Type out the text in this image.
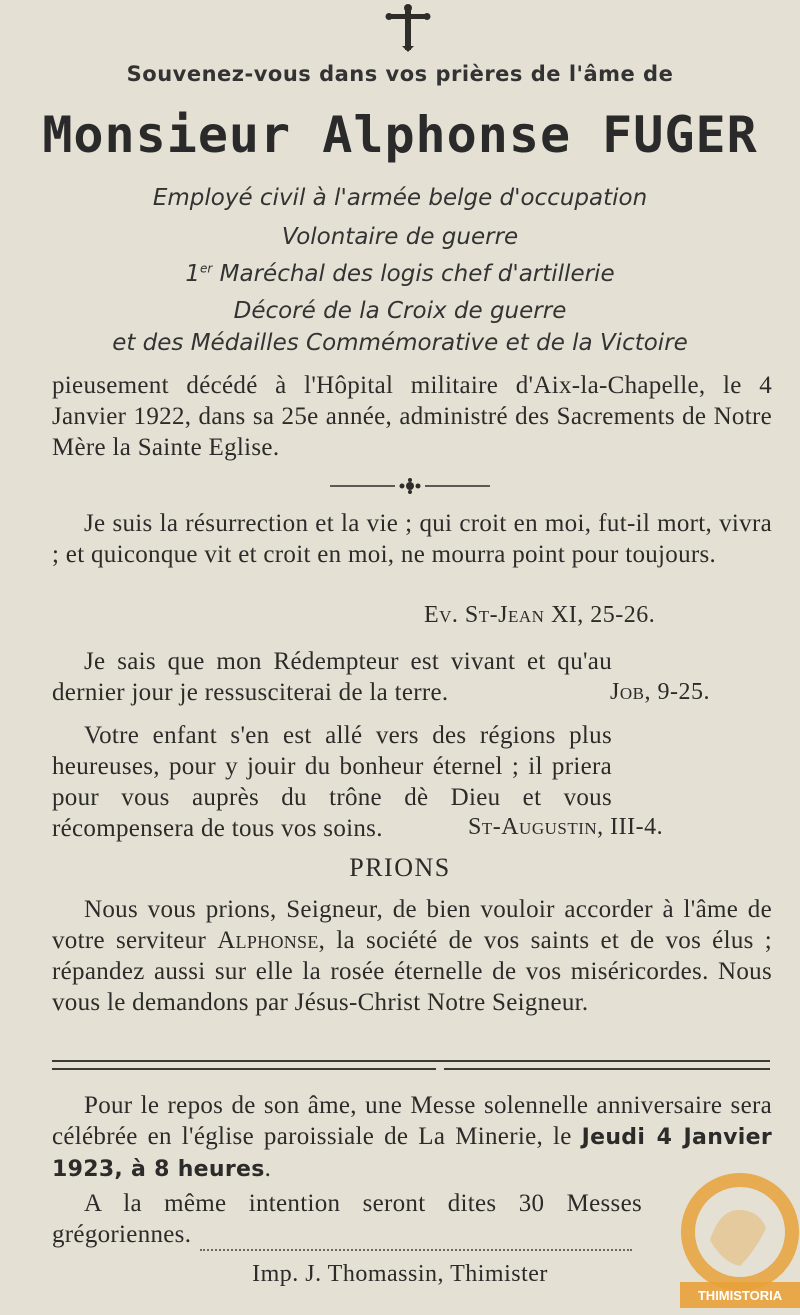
Souvenez-vous dans vos prières de l'âme de
Monsieur Alphonse FUGER
Employé civil à l'armée belge d'occupation
Volontaire de guerre
1er Maréchal des logis chef d'artillerie
Décoré de la Croix de guerre
et des Médailles Commémorative et de la Victoire
pieusement décédé à l'Hôpital militaire d'Aix-la-Chapelle, le 4 Janvier 1922, dans sa 25e année, administré des Sacrements de Notre Mère la Sainte Eglise.
Je suis la résurrection et la vie ; qui croit en moi, fut-il mort, vivra ; et quiconque vit et croit en moi, ne mourra point pour toujours.
Ev. St-Jean XI, 25-26.
Je sais que mon Rédempteur est vivant et qu'au dernier jour je ressusciterai de la terre.	Job, 9-25.
Votre enfant s'en est allé vers des régions plus heureuses, pour y jouir du bonheur éternel ; il priera pour vous auprès du trône dè Dieu et vous récompensera de tous vos soins.	St-Augustin, III-4.
PRIONS
Nous vous prions, Seigneur, de bien vouloir accorder à l'âme de votre serviteur Alphonse, la société de vos saints et de vos élus ; répandez aussi sur elle la rosée éternelle de vos miséricordes. Nous vous le demandons par Jésus-Christ Notre Seigneur.
Pour le repos de son âme, une Messe solennelle anniversaire sera célébrée en l'église paroissiale de La Minerie, le Jeudi 4 Janvier 1923, à 8 heures.
A la même intention seront dites 30 Messes grégoriennes.
Imp. J. Thomassin, Thimister
THIMISTORIA
